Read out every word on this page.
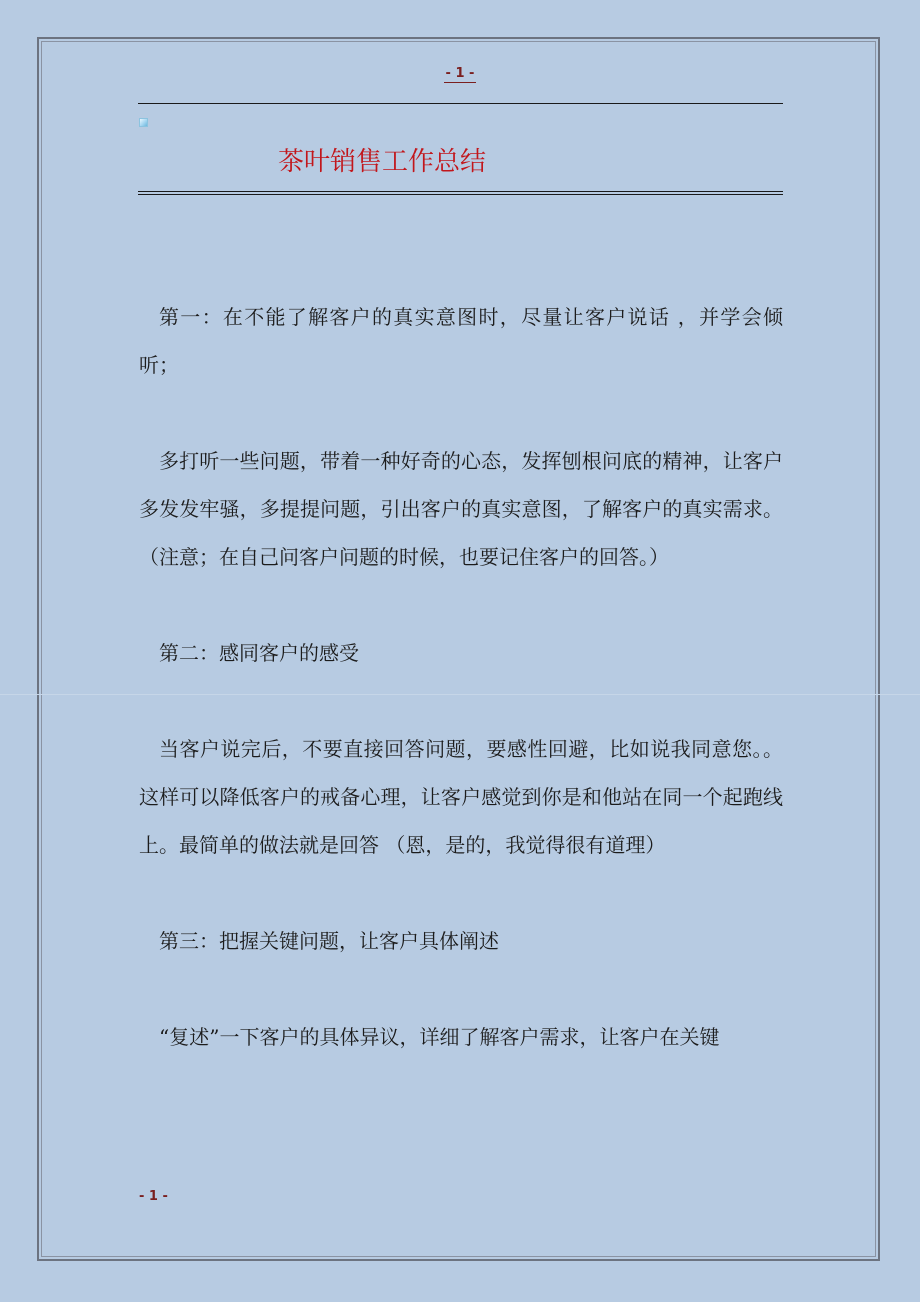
- 1 -
茶叶销售工作总结

第一：在不能了解客户的真实意图时，尽量让客户说话 ，并学会倾听；

多打听一些问题，带着一种好奇的心态，发挥刨根问底的精神，让客户多发发牢骚，多提提问题，引出客户的真实意图，了解客户的真实需求。 （注意；在自己问客户问题的时候，也要记住客户的回答。）

第二：感同客户的感受

当客户说完后，不要直接回答问题，要感性回避，比如说我同意您。。这样可以降低客户的戒备心理，让客户感觉到你是和他站在同一个起跑线上。最简单的做法就是回答 （恩，是的，我觉得很有道理）

第三：把握关键问题，让客户具体阐述

“复述”一下客户的具体异议，详细了解客户需求，让客户在关键

- 1 -
